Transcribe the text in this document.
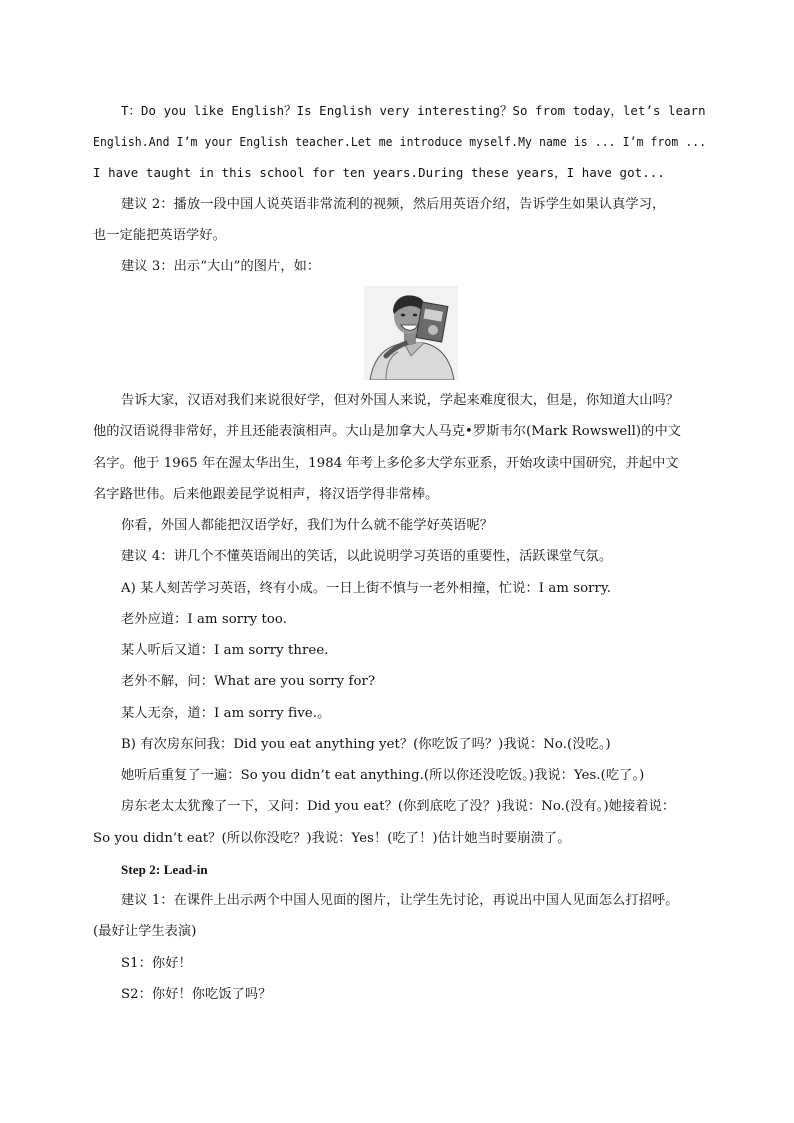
T：Do you like English？Is English very interesting？So from today，let’s learn
English.And I’m your English teacher.Let me introduce myself.My name is ... I’m from ...
I have taught in this school for ten years.During these years，I have got...
建议 2：播放一段中国人说英语非常流利的视频，然后用英语介绍，告诉学生如果认真学习，
也一定能把英语学好。
建议 3：出示“大山”的图片，如：
告诉大家，汉语对我们来说很好学，但对外国人来说，学起来难度很大，但是，你知道大山吗？
他的汉语说得非常好，并且还能表演相声。大山是加拿大人马克•罗斯韦尔(Mark Rowswell)的中文
名字。他于 1965 年在渥太华出生，1984 年考上多伦多大学东亚系，开始攻读中国研究，并起中文
名字路世伟。后来他跟姜昆学说相声，将汉语学得非常棒。
你看，外国人都能把汉语学好，我们为什么就不能学好英语呢？
建议 4：讲几个不懂英语闹出的笑话，以此说明学习英语的重要性，活跃课堂气氛。
A) 某人刻苦学习英语，终有小成。一日上街不慎与一老外相撞，忙说：I am sorry.
老外应道：I am sorry too.
某人听后又道：I am sorry three.
老外不解，问：What are you sorry for?
某人无奈，道：I am sorry five.。
B) 有次房东问我：Did you eat anything yet？(你吃饭了吗？)我说：No.(没吃。)
她听后重复了一遍：So you didn’t eat anything.(所以你还没吃饭。)我说：Yes.(吃了。)
房东老太太犹豫了一下，又问：Did you eat？(你到底吃了没？)我说：No.(没有。)她接着说：
So you didn’t eat？(所以你没吃？)我说：Yes！(吃了！)估计她当时要崩溃了。
Step 2: Lead-in
建议 1：在课件上出示两个中国人见面的图片，让学生先讨论，再说出中国人见面怎么打招呼。
(最好让学生表演)
S1：你好！
S2：你好！你吃饭了吗？
